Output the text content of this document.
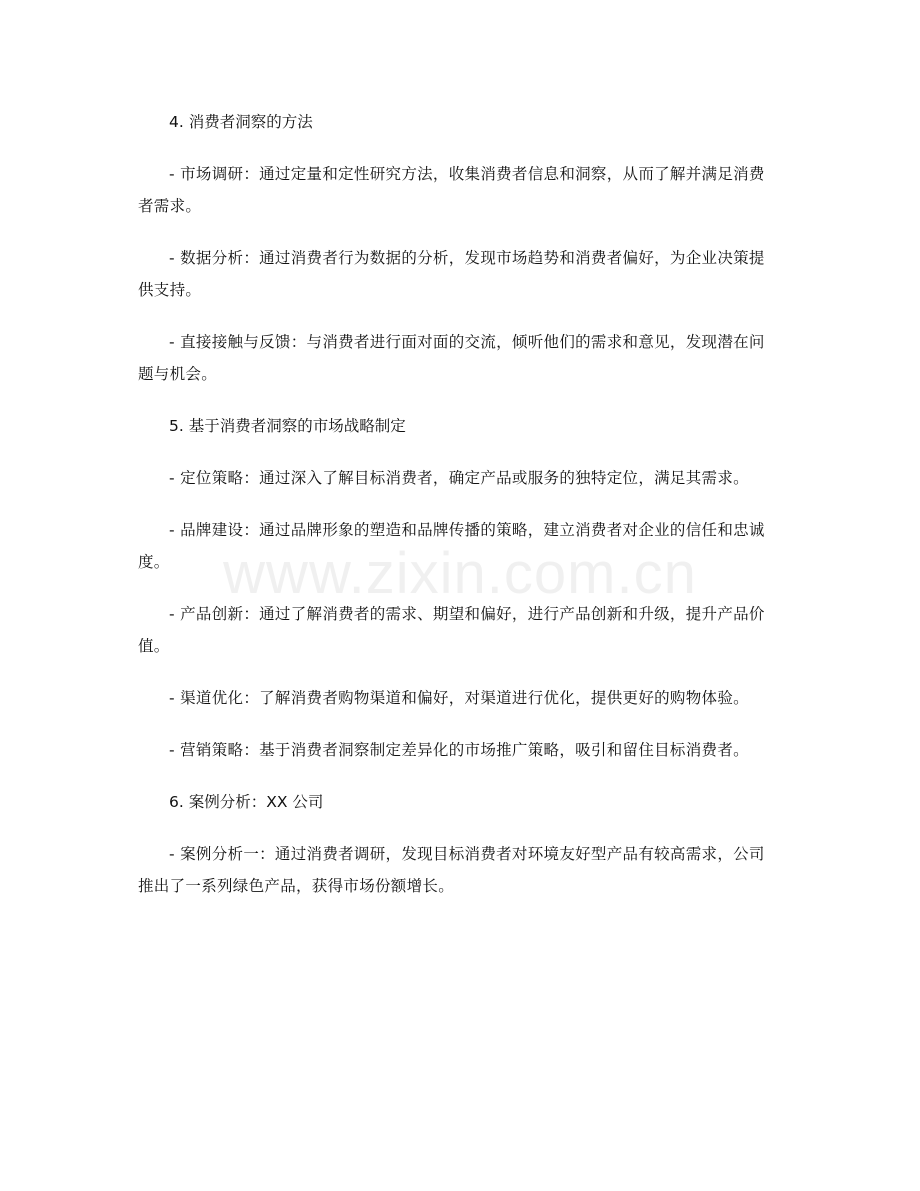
www.zixin.com.cn

4. 消费者洞察的方法

- 市场调研：通过定量和定性研究方法，收集消费者信息和洞察，从而了解并满足消费者需求。

- 数据分析：通过消费者行为数据的分析，发现市场趋势和消费者偏好，为企业决策提供支持。

- 直接接触与反馈：与消费者进行面对面的交流，倾听他们的需求和意见，发现潜在问题与机会。

5. 基于消费者洞察的市场战略制定

- 定位策略：通过深入了解目标消费者，确定产品或服务的独特定位，满足其需求。

- 品牌建设：通过品牌形象的塑造和品牌传播的策略，建立消费者对企业的信任和忠诚度。

- 产品创新：通过了解消费者的需求、期望和偏好，进行产品创新和升级，提升产品价值。

- 渠道优化：了解消费者购物渠道和偏好，对渠道进行优化，提供更好的购物体验。

- 营销策略：基于消费者洞察制定差异化的市场推广策略，吸引和留住目标消费者。

6. 案例分析：XX 公司

- 案例分析一：通过消费者调研，发现目标消费者对环境友好型产品有较高需求，公司推出了一系列绿色产品，获得市场份额增长。
